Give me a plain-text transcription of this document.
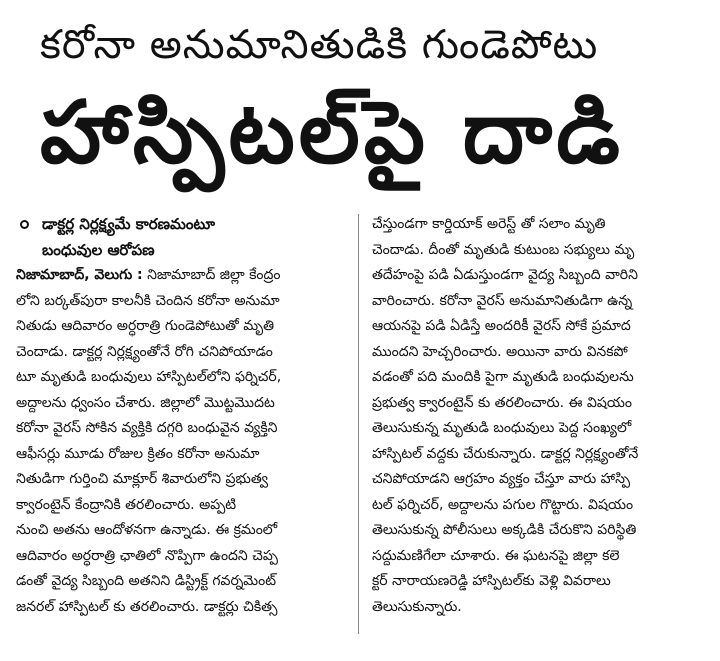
కరోనా అనుమానితుడికి గుండెపోటు
హాస్పిటల్‌పై దాడి
డాక్టర్ల నిర్లక్ష్యమే కారణమంటూ
బంధువుల ఆరోపణ
నిజామాబాద్, వెలుగు : నిజామాబాద్ జిల్లా కేంద్రం
లోని బర్కత్‌పురా కాలనీకి చెందిన కరోనా అనుమా
నితుడు ఆదివారం అర్ధరాత్రి గుండెపోటుతో మృతి
చెందాడు. డాక్టర్ల నిర్లక్ష్యంతోనే రోగి చనిపోయాడం
టూ మృతుడి బంధువులు హాస్పిటల్‌లోని ఫర్నిచర్,
అద్దాలను ధ్వంసం చేశారు. జిల్లాలో మొట్టమొదట
కరోనా వైరస్ సోకిన వ్యక్తికి దగ్గరి బంధువైన వ్యక్తిని
ఆఫీసర్లు మూడు రోజుల క్రితం కరోనా అనుమా
నితుడిగా గుర్తించి మాక్లూర్ శివారులోని ప్రభుత్వ
క్వారంటైన్ కేంద్రానికి తరలించారు. అప్పటి
నుంచి అతను ఆందోళనగా ఉన్నాడు. ఈ క్రమంలో
ఆదివారం అర్ధరాత్రి ఛాతిలో నొప్పిగా ఉందని చెప్ప
డంతో వైద్య సిబ్బంది అతనిని డిస్ట్రిక్ట్ గవర్నమెంట్
జనరల్ హాస్పిటల్ కు తరలించారు. డాక్టర్లు చికిత్స
చేస్తుండగా కార్డియాక్ అరెస్ట్ తో సలాం మృతి
చెందాడు. దీంతో మృతుడి కుటుంబ సభ్యులు మృ
తదేహంపై పడి ఏడుస్తుండగా వైద్య సిబ్బంది వారిని
వారించారు. కరోనా వైరస్ అనుమానితుడిగా ఉన్న
ఆయనపై పడి ఏడిస్తే అందరికీ వైరస్ సోకే ప్రమాద
ముందని హెచ్చరించారు. అయినా వారు వినకపో
వడంతో పది మందికి పైగా మృతుడి బంధువులను
ప్రభుత్వ క్వారంటైన్ కు తరలించారు. ఈ విషయం
తెలుసుకున్న మృతుడి బంధువులు పెద్ద సంఖ్యలో
హాస్పిటల్ వద్దకు చేరుకున్నారు. డాక్టర్ల నిర్లక్ష్యంతోనే
చనిపోయాడని ఆగ్రహం వ్యక్తం చేస్తూ వారు హాస్పి
టల్ ఫర్నిచర్, అద్దాలను పగుల గొట్టారు. విషయం
తెలుసుకున్న పోలీసులు అక్కడికి చేరుకొని పరిస్థితి
సద్దుమణిగేలా చూశారు. ఈ ఘటనపై జిల్లా కలె
క్టర్ నారాయణరెడ్డి హాస్పిటల్‌కు వెళ్లి వివరాలు
తెలుసుకున్నారు.
